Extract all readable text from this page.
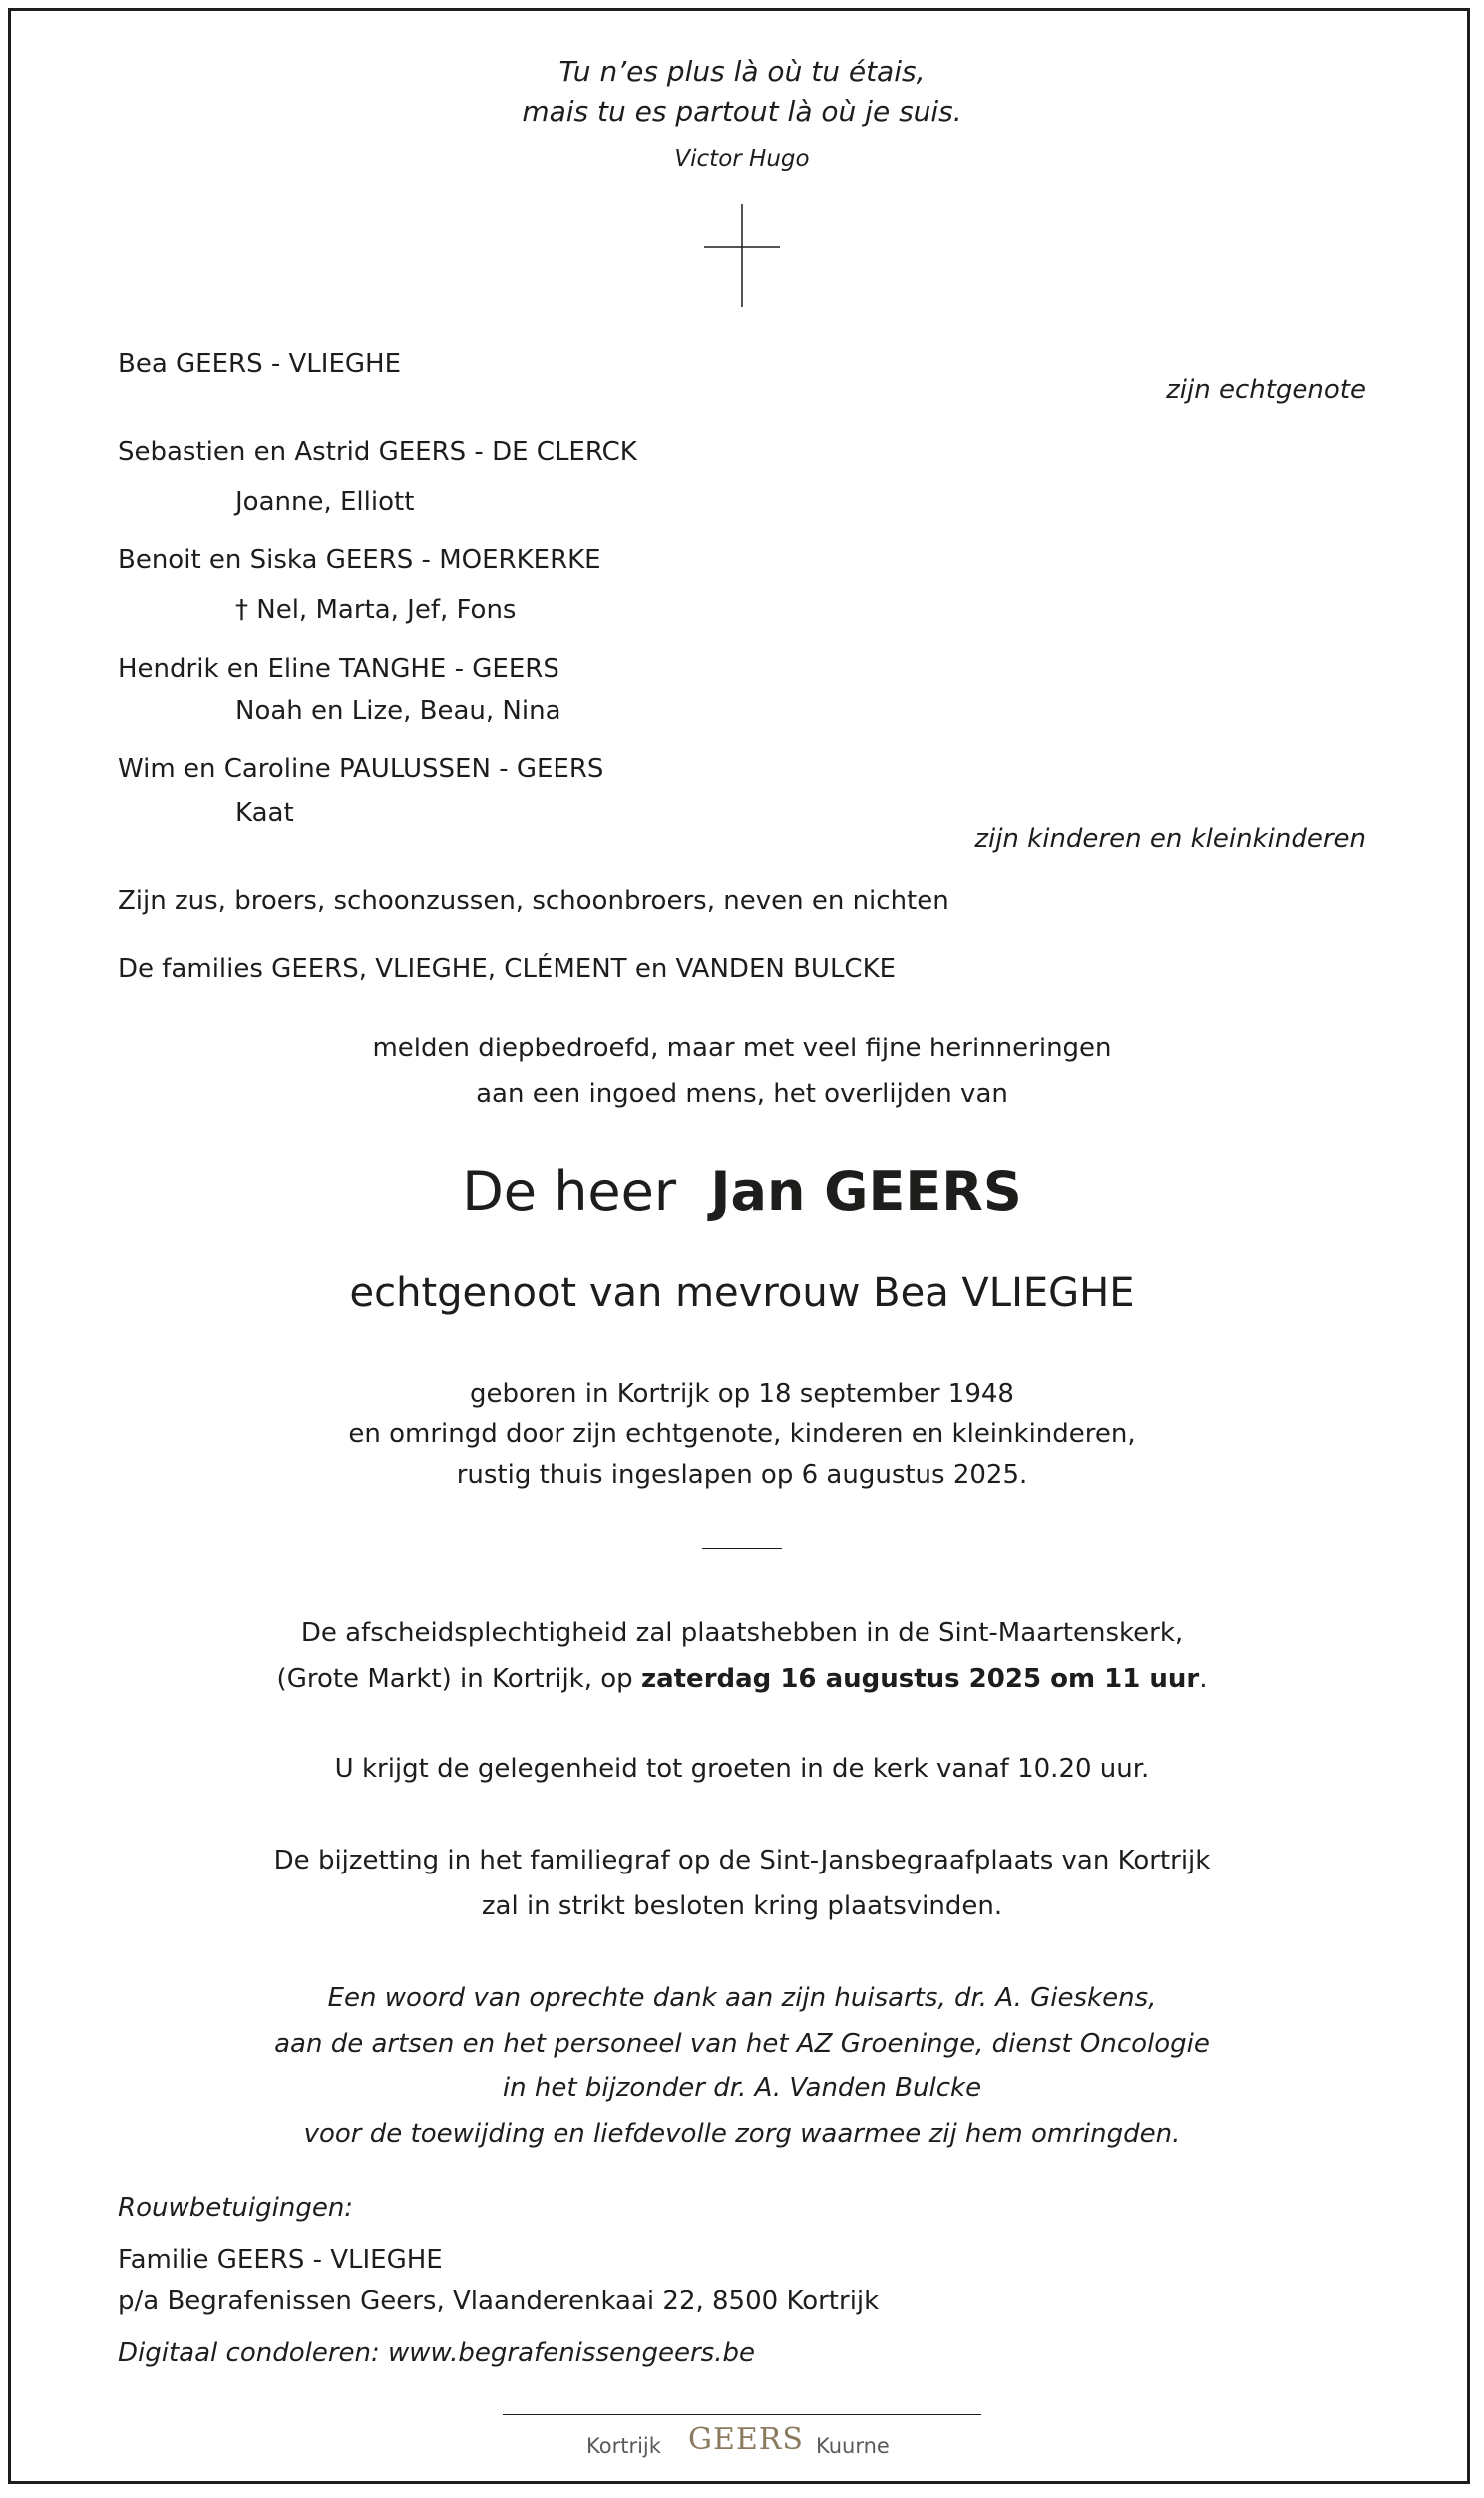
Tu n’es plus là où tu étais,
mais tu es partout là où je suis.
Victor Hugo
Bea GEERS - VLIEGHE
zijn echtgenote
Sebastien en Astrid GEERS - DE CLERCK
Joanne, Elliott
Benoit en Siska GEERS - MOERKERKE
† Nel, Marta, Jef, Fons
Hendrik en Eline TANGHE - GEERS
Noah en Lize, Beau, Nina
Wim en Caroline PAULUSSEN - GEERS
Kaat
zijn kinderen en kleinkinderen
Zijn zus, broers, schoonzussen, schoonbroers, neven en nichten
De families GEERS, VLIEGHE, CLÉMENT en VANDEN BULCKE
melden diepbedroefd, maar met veel fijne herinneringen
aan een ingoed mens, het overlijden van
De heer Jan GEERS
echtgenoot van mevrouw Bea VLIEGHE
geboren in Kortrijk op 18 september 1948
en omringd door zijn echtgenote, kinderen en kleinkinderen,
rustig thuis ingeslapen op 6 augustus 2025.
De afscheidsplechtigheid zal plaatshebben in de Sint-Maartenskerk,
(Grote Markt) in Kortrijk, op zaterdag 16 augustus 2025 om 11 uur.
U krijgt de gelegenheid tot groeten in de kerk vanaf 10.20 uur.
De bijzetting in het familiegraf op de Sint-Jansbegraafplaats van Kortrijk
zal in strikt besloten kring plaatsvinden.
Een woord van oprechte dank aan zijn huisarts, dr. A. Gieskens,
aan de artsen en het personeel van het AZ Groeninge, dienst Oncologie
in het bijzonder dr. A. Vanden Bulcke
voor de toewijding en liefdevolle zorg waarmee zij hem omringden.
Rouwbetuigingen:
Familie GEERS - VLIEGHE
p/a Begrafenissen Geers, Vlaanderenkaai 22, 8500 Kortrijk
Digitaal condoleren: www.begrafenissengeers.be
Kortrijk GEERS Kuurne
